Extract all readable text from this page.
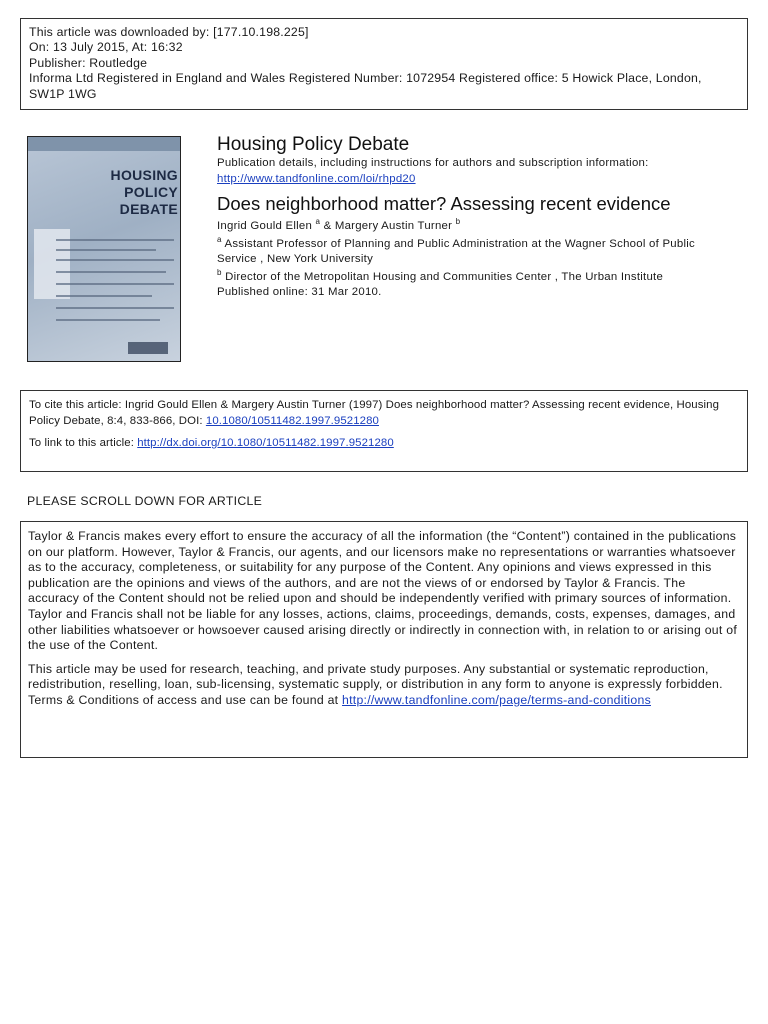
This article was downloaded by: [177.10.198.225]
On: 13 July 2015, At: 16:32
Publisher: Routledge
Informa Ltd Registered in England and Wales Registered Number: 1072954 Registered office: 5 Howick Place, London, SW1P 1WG
HOUSING
POLICY
DEBATE
Housing Policy Debate
Publication details, including instructions for authors and subscription information:
http://www.tandfonline.com/loi/rhpd20
Does neighborhood matter? Assessing recent evidence
Ingrid Gould Ellen $^a$ & Margery Austin Turner $^b$
$^a$ Assistant Professor of Planning and Public Administration at the Wagner School of Public Service , New York University
$^b$ Director of the Metropolitan Housing and Communities Center , The Urban Institute
Published online: 31 Mar 2010.
To cite this article: Ingrid Gould Ellen & Margery Austin Turner (1997) Does neighborhood matter? Assessing recent evidence, Housing Policy Debate, 8:4, 833-866, DOI: 10.1080/10511482.1997.9521280
To link to this article: http://dx.doi.org/10.1080/10511482.1997.9521280
PLEASE SCROLL DOWN FOR ARTICLE

Taylor & Francis makes every effort to ensure the accuracy of all the information (the “Content”) contained in the publications on our platform. However, Taylor & Francis, our agents, and our licensors make no representations or warranties whatsoever as to the accuracy, completeness, or suitability for any purpose of the Content. Any opinions and views expressed in this publication are the opinions and views of the authors, and are not the views of or endorsed by Taylor & Francis. The accuracy of the Content should not be relied upon and should be independently verified with primary sources of information. Taylor and Francis shall not be liable for any losses, actions, claims, proceedings, demands, costs, expenses, damages, and other liabilities whatsoever or howsoever caused arising directly or indirectly in connection with, in relation to or arising out of the use of the Content.

This article may be used for research, teaching, and private study purposes. Any substantial or systematic reproduction, redistribution, reselling, loan, sub-licensing, systematic supply, or distribution in any form to anyone is expressly forbidden. Terms & Conditions of access and use can be found at http://www.tandfonline.com/page/terms-and-conditions
